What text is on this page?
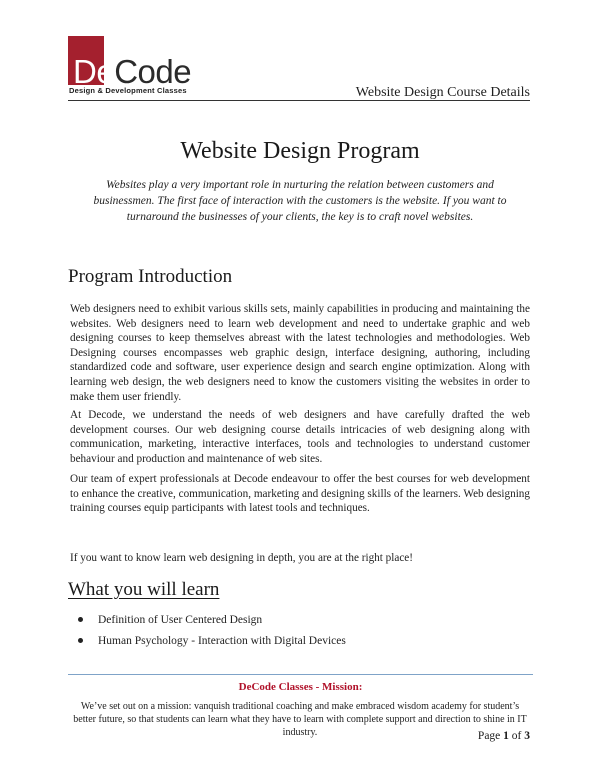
DeCode
Design & Development Classes	Website Design Course Details
Website Design Program
Websites play a very important role in nurturing the relation between customers and businessmen. The first face of interaction with the customers is the website. If you want to turnaround the businesses of your clients, the key is to craft novel websites.
Program Introduction
Web designers need to exhibit various skills sets, mainly capabilities in producing and maintaining the websites. Web designers need to learn web development and need to undertake graphic and web designing courses to keep themselves abreast with the latest technologies and methodologies. Web Designing courses encompasses web graphic design, interface designing, authoring, including standardized code and software, user experience design and search engine optimization. Along with learning web design, the web designers need to know the customers visiting the websites in order to make them user friendly.
At Decode, we understand the needs of web designers and have carefully drafted the web development courses. Our web designing course details intricacies of web designing along with communication, marketing, interactive interfaces, tools and technologies to understand customer behaviour and production and maintenance of web sites.
Our team of expert professionals at Decode endeavour to offer the best courses for web development to enhance the creative, communication, marketing and designing skills of the learners. Web designing training courses equip participants with latest tools and techniques.
If you want to know learn web designing in depth, you are at the right place!
What you will learn
Definition of User Centered Design
Human Psychology - Interaction with Digital Devices
DeCode Classes - Mission:
We’ve set out on a mission: vanquish traditional coaching and make embraced wisdom academy for student’s better future, so that students can learn what they have to learn with complete support and direction to shine in IT industry.	Page 1 of 3
